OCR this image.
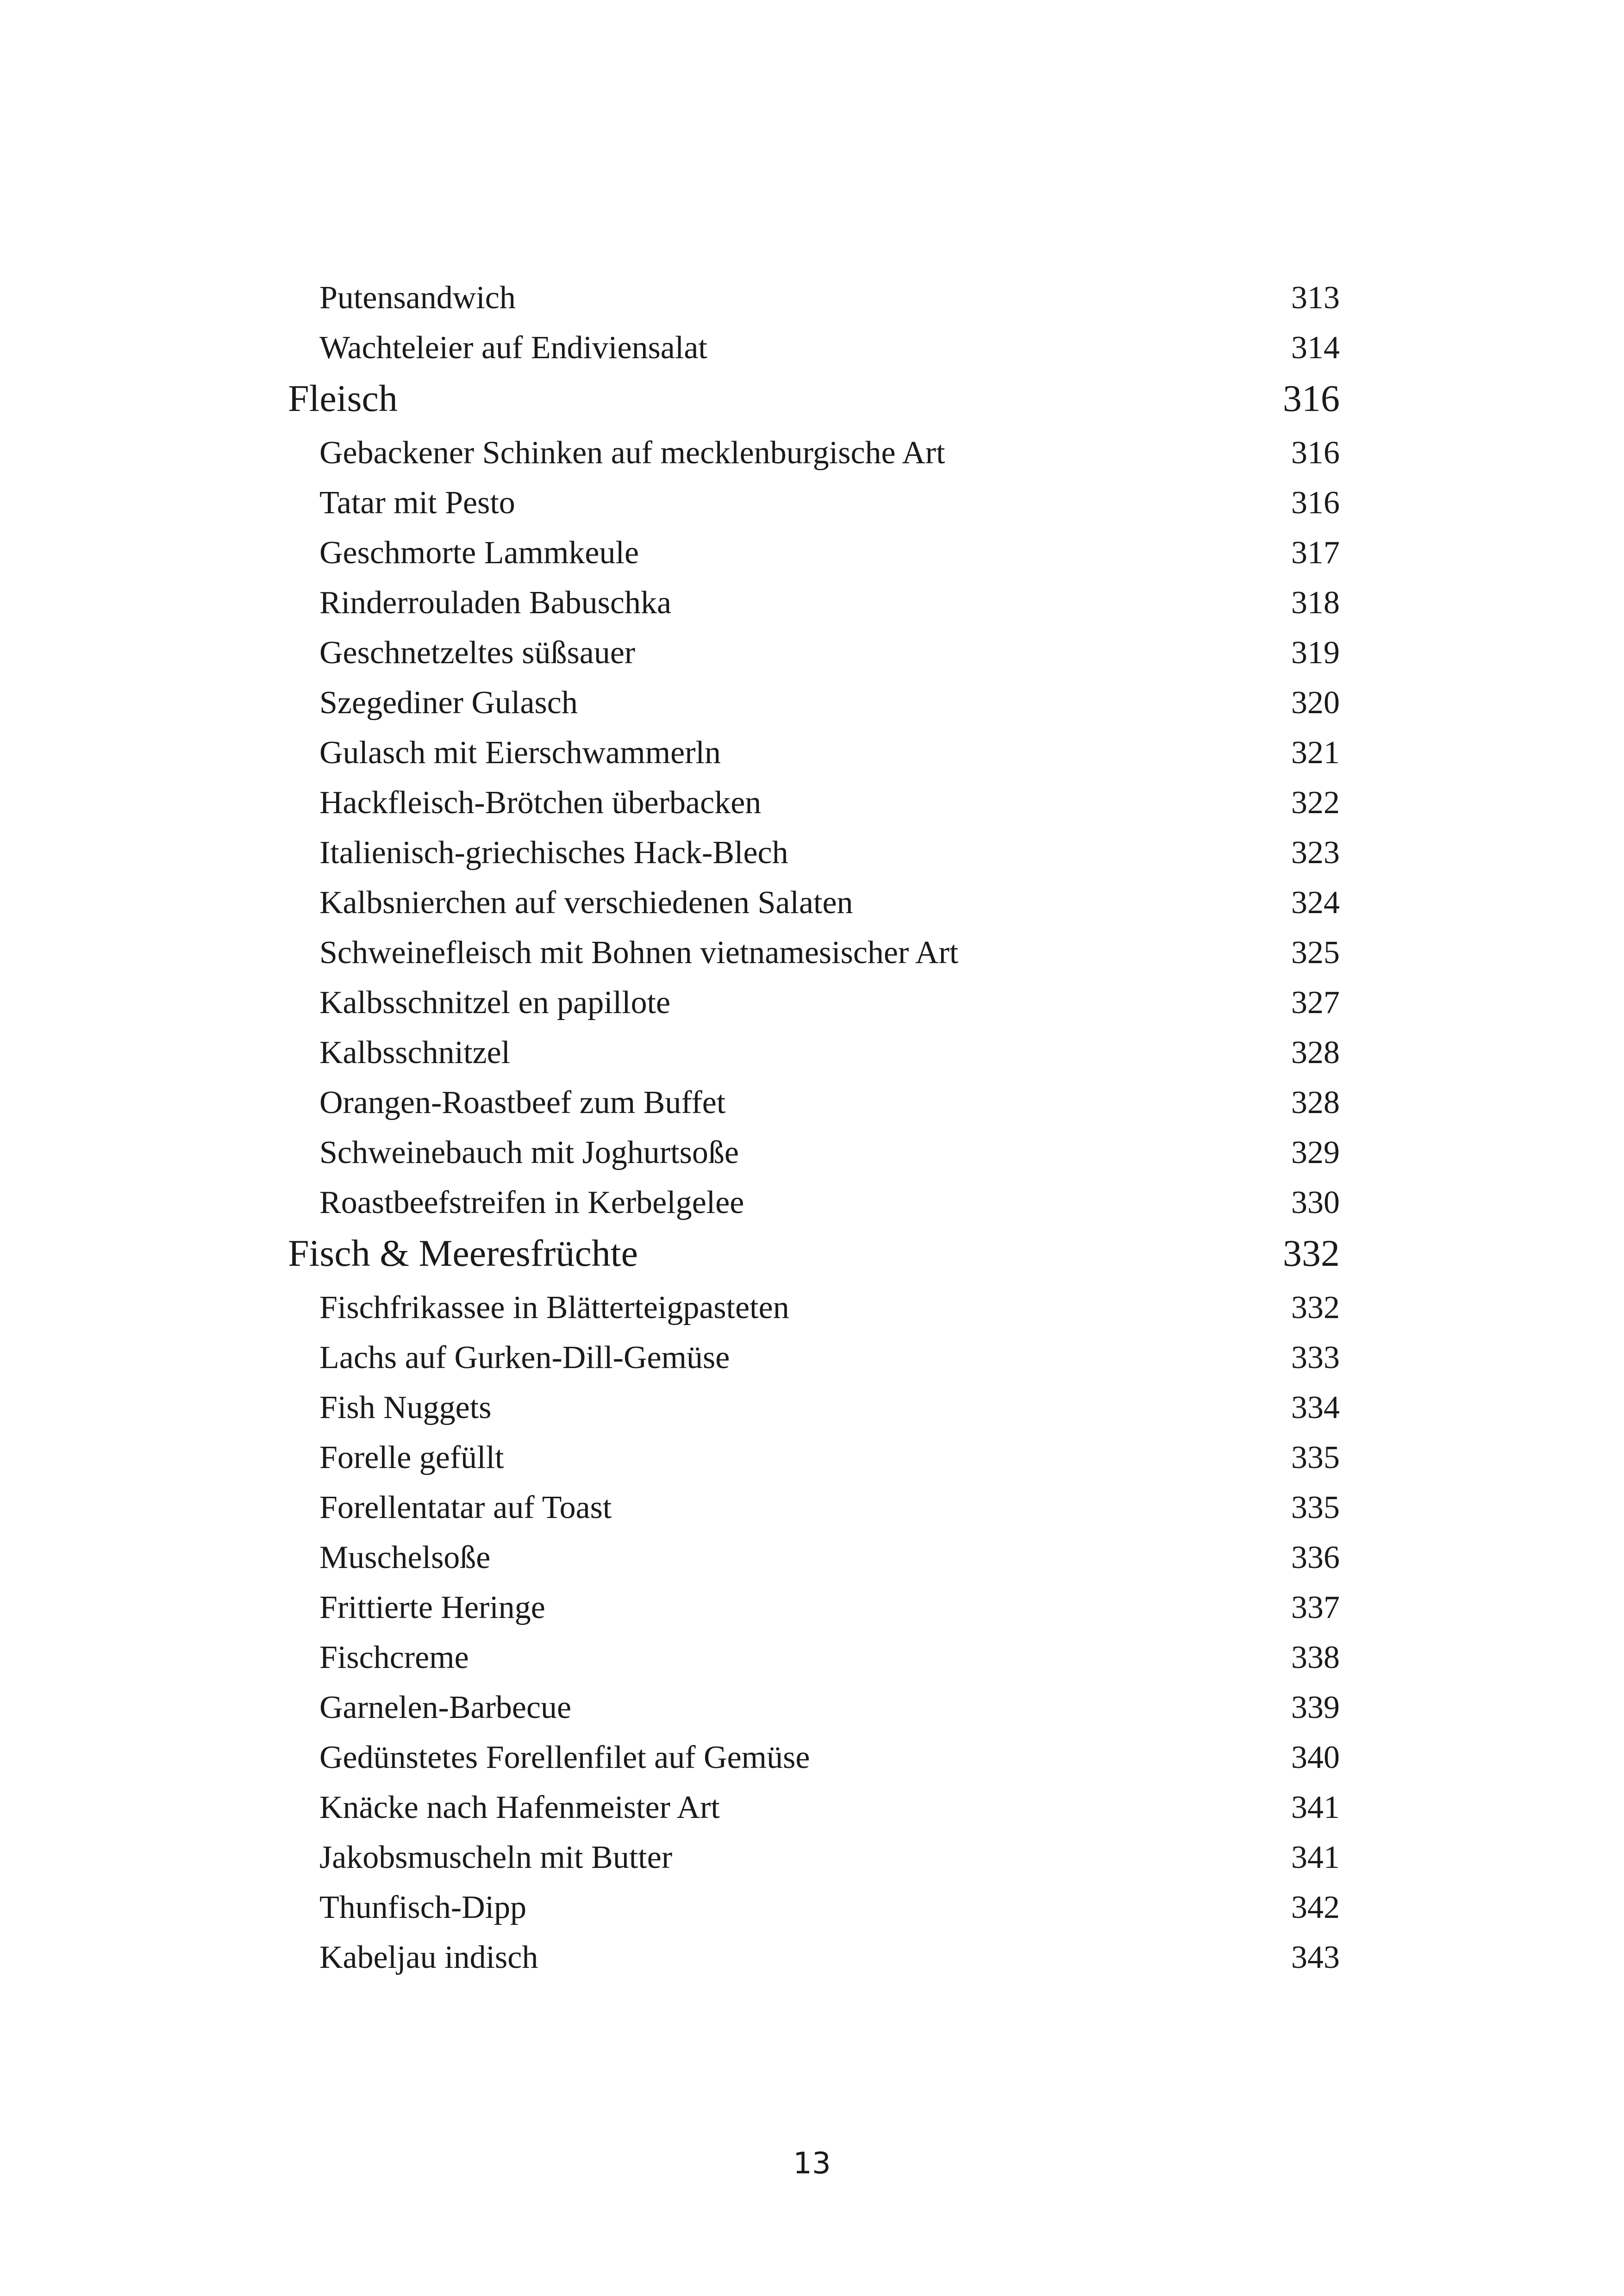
Putensandwich	313
Wachteleier auf Endiviensalat	314
Fleisch	316
Gebackener Schinken auf mecklenburgische Art	316
Tatar mit Pesto	316
Geschmorte Lammkeule	317
Rinderrouladen Babuschka	318
Geschnetzeltes süßsauer	319
Szegediner Gulasch	320
Gulasch mit Eierschwammerln	321
Hackfleisch-Brötchen überbacken	322
Italienisch-griechisches Hack-Blech	323
Kalbsnierchen auf verschiedenen Salaten	324
Schweinefleisch mit Bohnen vietnamesischer Art	325
Kalbsschnitzel en papillote	327
Kalbsschnitzel	328
Orangen-Roastbeef zum Buffet	328
Schweinebauch mit Joghurtsoße	329
Roastbeefstreifen in Kerbelgelee	330
Fisch & Meeresfrüchte	332
Fischfrikassee in Blätterteigpasteten	332
Lachs auf Gurken-Dill-Gemüse	333
Fish Nuggets	334
Forelle gefüllt	335
Forellentatar auf Toast	335
Muschelsoße	336
Frittierte Heringe	337
Fischcreme	338
Garnelen-Barbecue	339
Gedünstetes Forellenfilet auf Gemüse	340
Knäcke nach Hafenmeister Art	341
Jakobsmuscheln mit Butter	341
Thunfisch-Dipp	342
Kabeljau indisch	343
13
